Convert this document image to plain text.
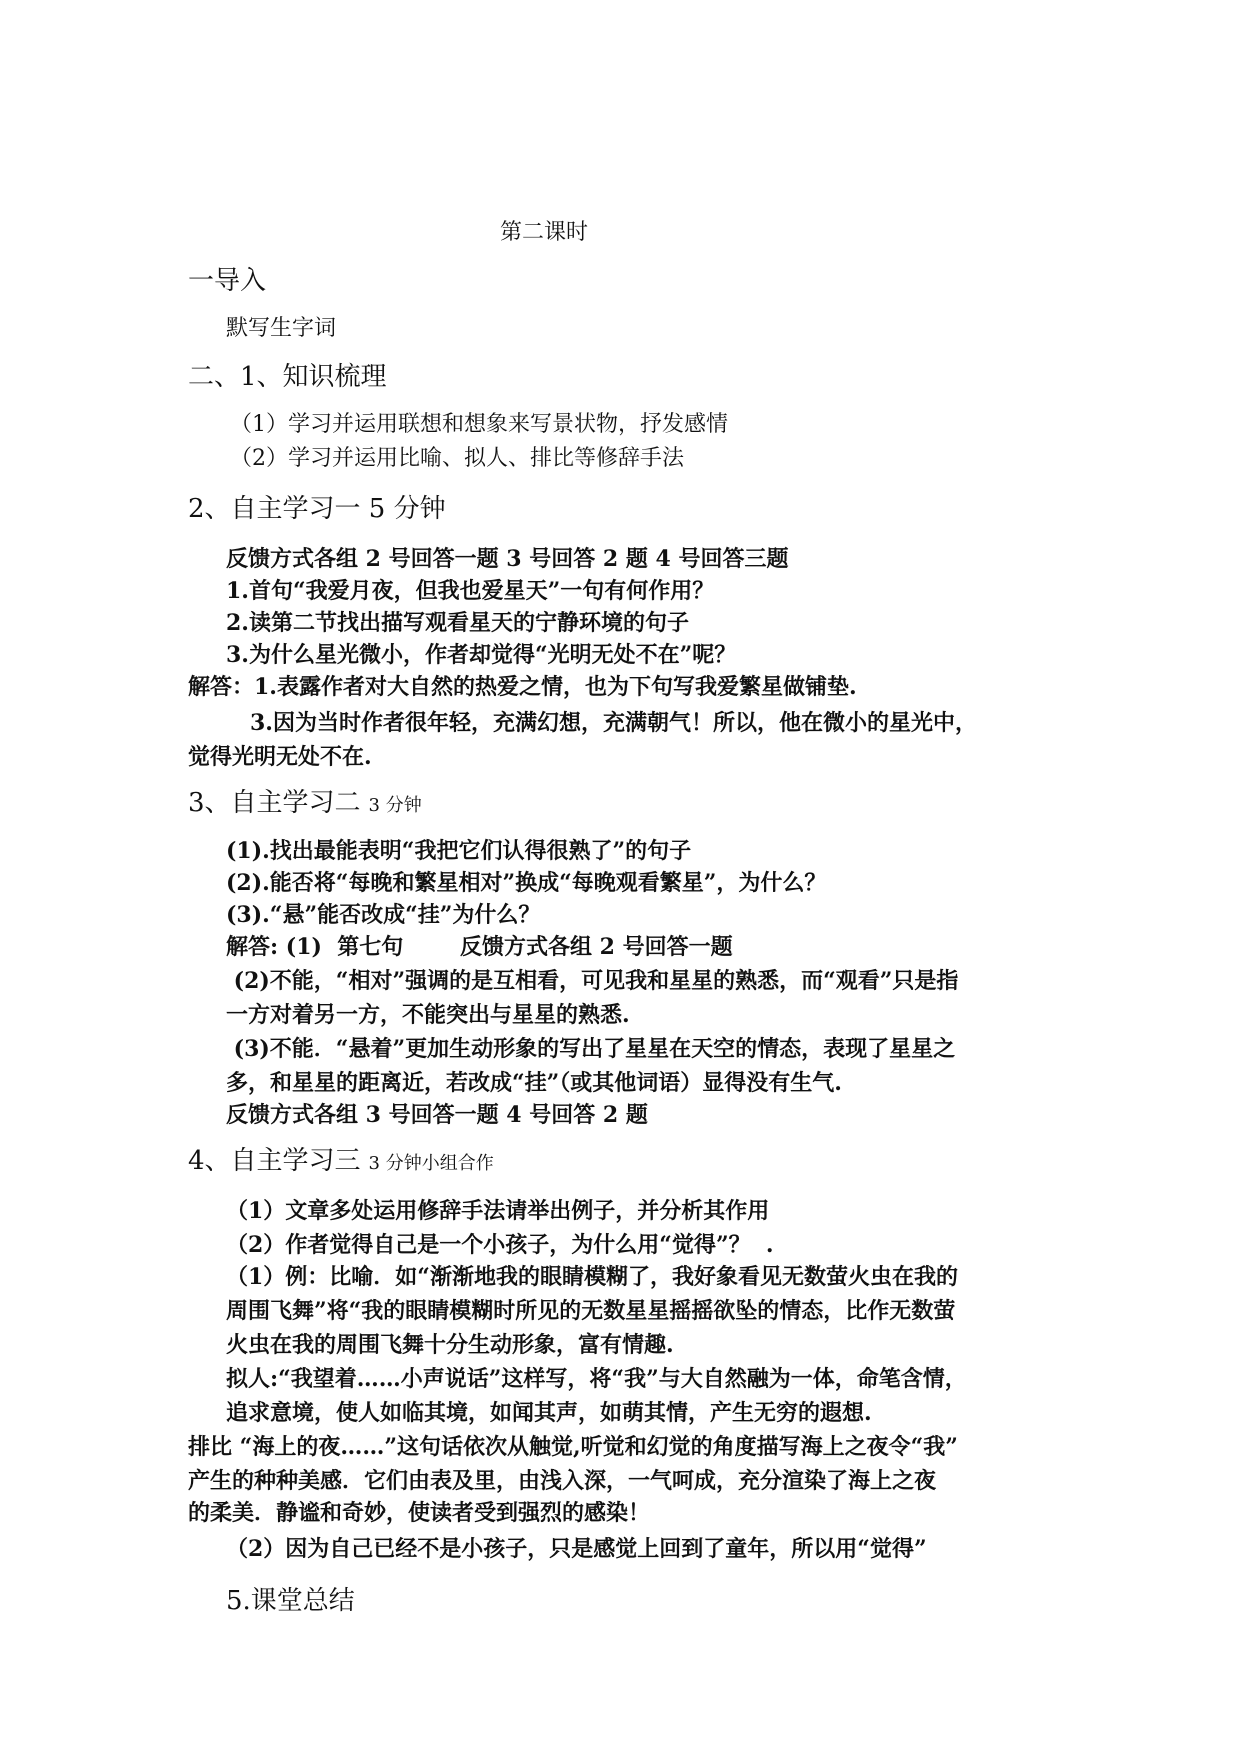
第二课时
一导入
默写生字词
二、1、知识梳理
（1）学习并运用联想和想象来写景状物，抒发感情
（2）学习并运用比喻、拟人、排比等修辞手法
2、自主学习一 5 分钟
反馈方式各组 2 号回答一题 3 号回答 2 题 4 号回答三题
1.首句“我爱月夜，但我也爱星天”一句有何作用？
2.读第二节找出描写观看星天的宁静环境的句子
3.为什么星光微小，作者却觉得“光明无处不在”呢？
解答：1.表露作者对大自然的热爱之情，也为下句写我爱繁星做铺垫.
3.因为当时作者很年轻，充满幻想，充满朝气！所以，他在微小的星光中，
觉得光明无处不在.
3、自主学习二 3 分钟
(1).找出最能表明“我把它们认得很熟了”的句子
(2).能否将“每晚和繁星相对”换成“每晚观看繁星”，为什么？
(3).“悬”能否改成“挂”为什么？
解答: (1)  第七句	反馈方式各组 2 号回答一题
(2)不能，“相对”强调的是互相看，可见我和星星的熟悉，而“观看”只是指
一方对着另一方，不能突出与星星的熟悉.
(3)不能．“悬着”更加生动形象的写出了星星在天空的情态，表现了星星之
多，和星星的距离近，若改成“挂”（或其他词语）显得没有生气.
反馈方式各组 3 号回答一题 4 号回答 2 题
4、自主学习三 3 分钟小组合作
（1）文章多处运用修辞手法请举出例子，并分析其作用
（2）作者觉得自己是一个小孩子，为什么用“觉得”？  .
（1）例：比喻．如“渐渐地我的眼睛模糊了，我好象看见无数萤火虫在我的
周围飞舞”将“我的眼睛模糊时所见的无数星星摇摇欲坠的情态，比作无数萤
火虫在我的周围飞舞十分生动形象，富有情趣.
拟人:“我望着……小声说话”这样写，将“我”与大自然融为一体，命笔含情，
追求意境，使人如临其境，如闻其声，如萌其情，产生无穷的遐想.
排比 “海上的夜……”这句话依次从触觉,听觉和幻觉的角度描写海上之夜令“我”
产生的种种美感．它们由表及里，由浅入深，一气呵成，充分渲染了海上之夜
的柔美．静谧和奇妙，使读者受到强烈的感染！
（2）因为自己已经不是小孩子，只是感觉上回到了童年，所以用“觉得”
5.课堂总结
